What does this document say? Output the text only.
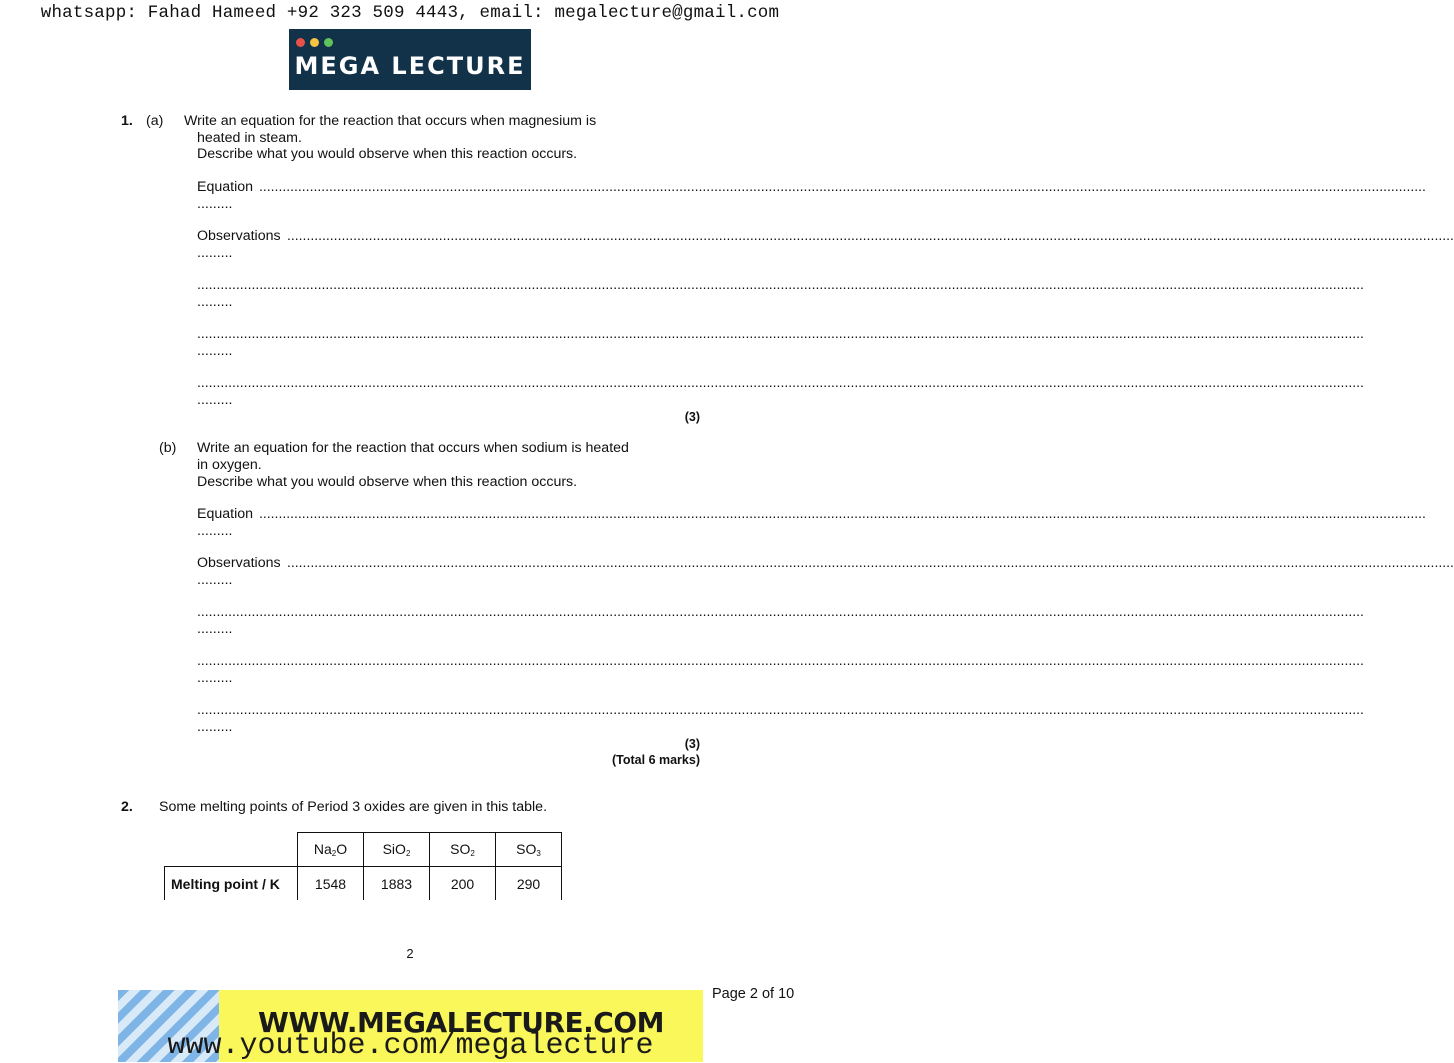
whatsapp: Fahad Hameed +92 323 509 4443, email: megalecture@gmail.com
MEGA LECTURE
1. (a) Write an equation for the reaction that occurs when magnesium is
heated in steam.
Describe what you would observe when this reaction occurs.
Equation ............................................................................................................................................................................................................................................................................................................
.........
Observations ............................................................................................................................................................................................................................................................................................................
.........
............................................................................................................................................................................................................................................................................................................
.........
............................................................................................................................................................................................................................................................................................................
.........
............................................................................................................................................................................................................................................................................................................
.........
(3)
(b) Write an equation for the reaction that occurs when sodium is heated
in oxygen.
Describe what you would observe when this reaction occurs.
Equation ............................................................................................................................................................................................................................................................................................................
.........
Observations ............................................................................................................................................................................................................................................................................................................
.........
............................................................................................................................................................................................................................................................................................................
.........
............................................................................................................................................................................................................................................................................................................
.........
............................................................................................................................................................................................................................................................................................................
.........
(3)
(Total 6 marks)
2. Some melting points of Period 3 oxides are given in this table.
	$Na_2O$	SiO$_2$	$SO_2$	$SO_3$
Melting point / K	1548	1883	200	290
2
Page 2 of 10
WWW.MEGALECTURE.COM
www.youtube.com/megalecture
